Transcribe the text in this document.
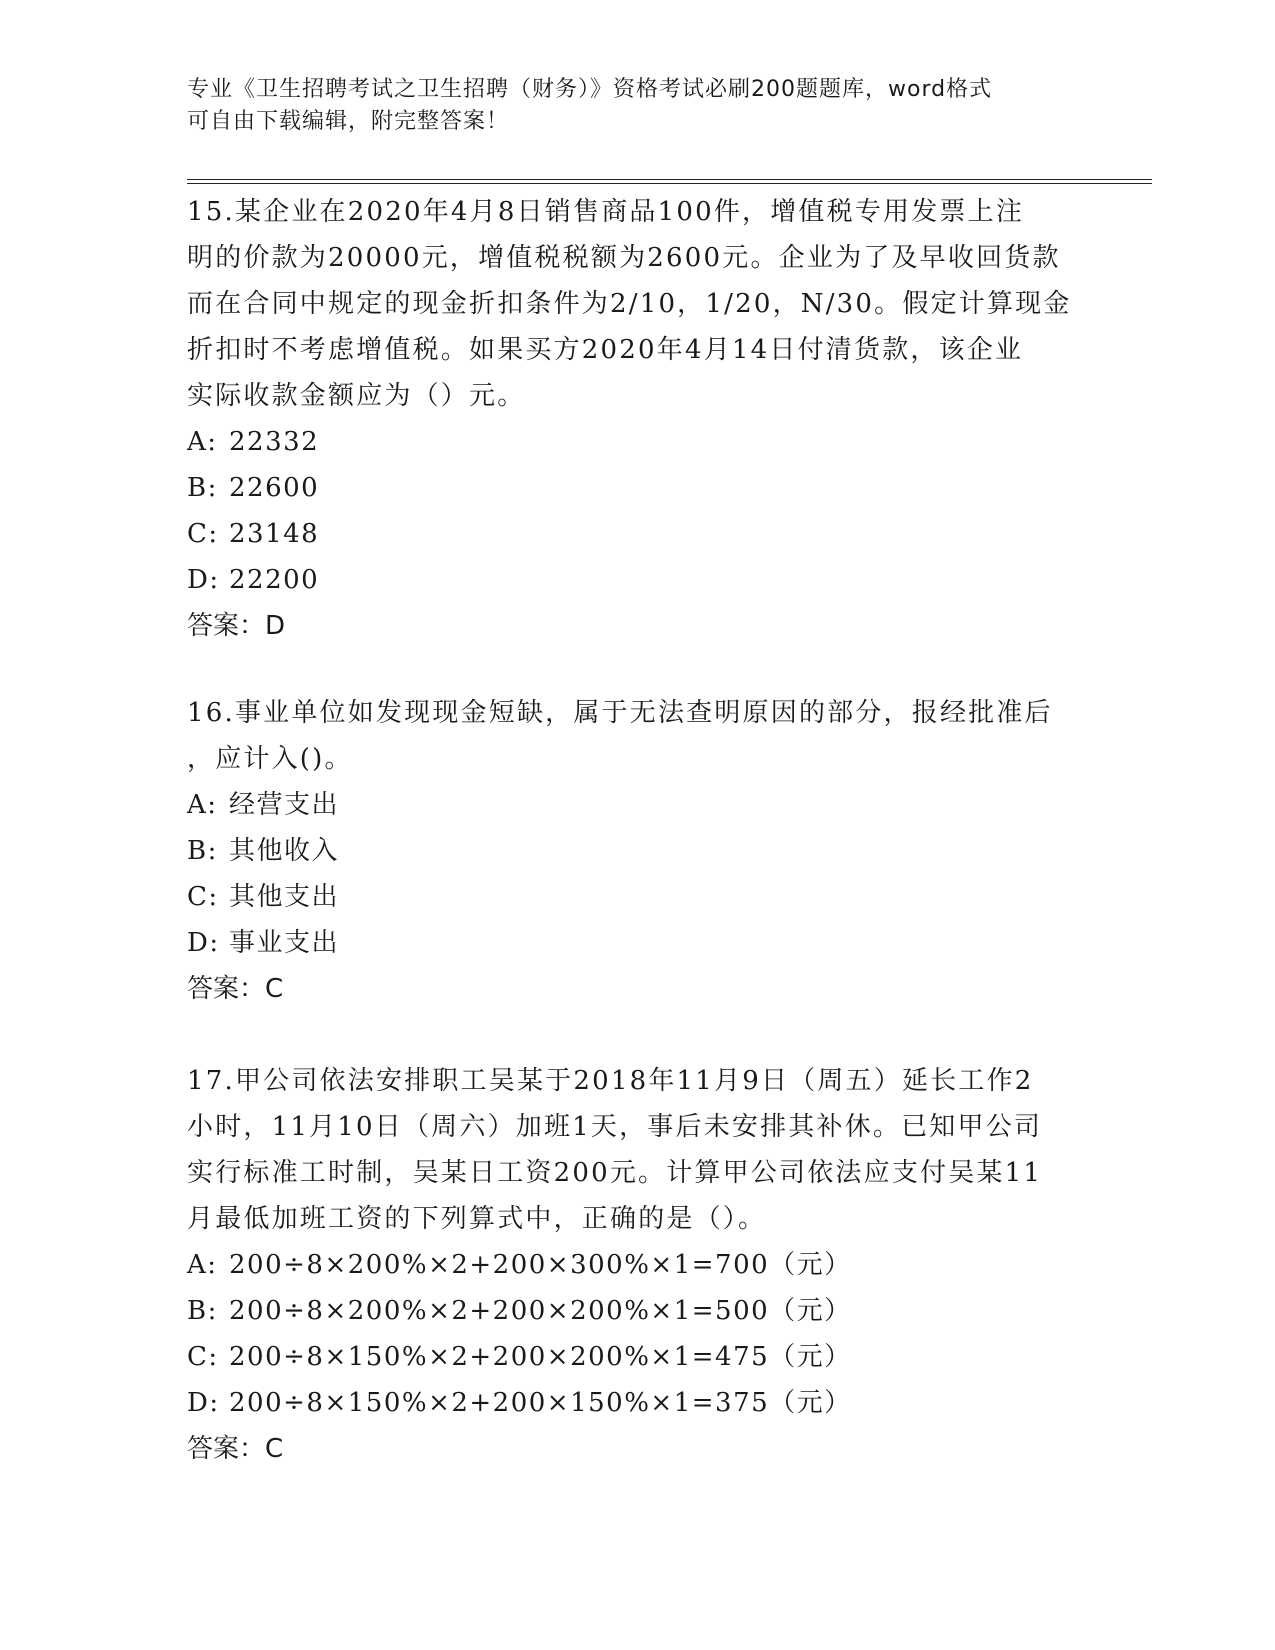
专业《卫生招聘考试之卫生招聘（财务）》资格考试必刷200题题库，word格式
可自由下载编辑，附完整答案！

15.某企业在2020年4月8日销售商品100件，增值税专用发票上注

明的价款为20000元，增值税税额为2600元。企业为了及早收回货款

而在合同中规定的现金折扣条件为2/10，1/20，N/30。假定计算现金

折扣时不考虑增值税。如果买方2020年4月14日付清货款，该企业

实际收款金额应为（）元。

A: 22332

B: 22600

C: 23148

D: 22200

答案：D

16.事业单位如发现现金短缺，属于无法查明原因的部分，报经批准后

，应计入()。

A: 经营支出

B: 其他收入

C: 其他支出

D: 事业支出

答案：C

17.甲公司依法安排职工吴某于2018年11月9日（周五）延长工作2

小时，11月10日（周六）加班1天，事后未安排其补休。已知甲公司

实行标准工时制，吴某日工资200元。计算甲公司依法应支付吴某11

月最低加班工资的下列算式中，正确的是（）。

A: 200÷8×200%×2+200×300%×1=700（元）

B: 200÷8×200%×2+200×200%×1=500（元）

C: 200÷8×150%×2+200×200%×1=475（元）

D: 200÷8×150%×2+200×150%×1=375（元）

答案：C
